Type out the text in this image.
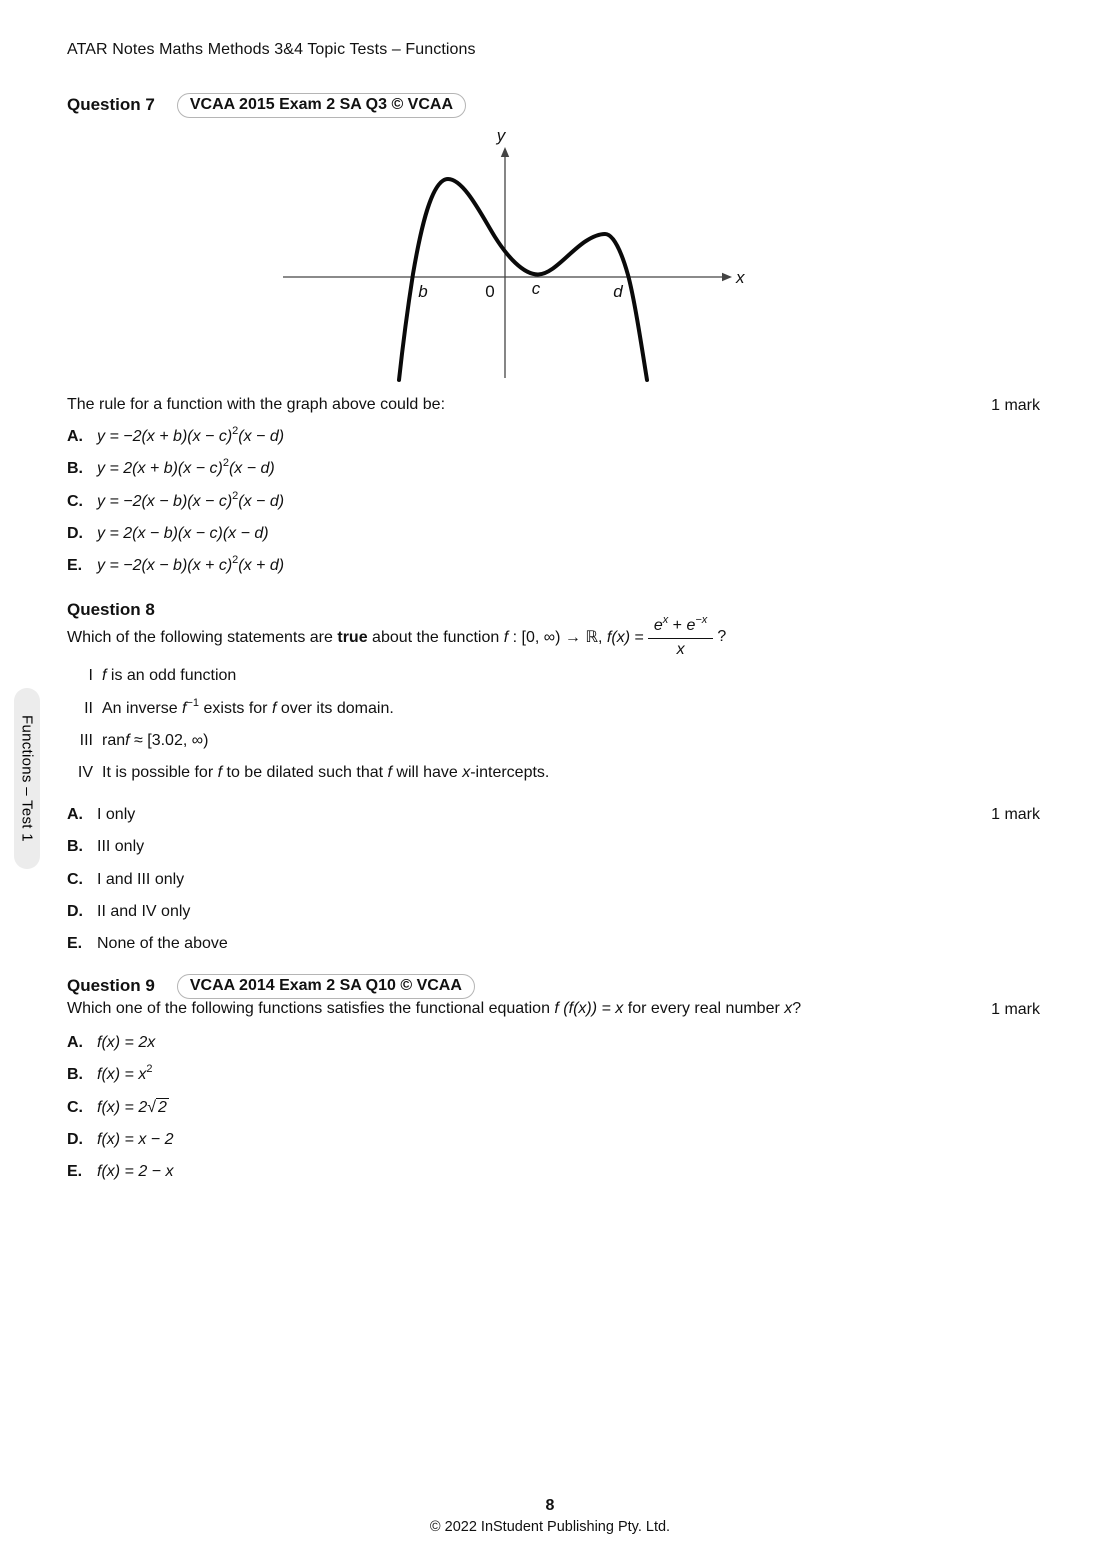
ATAR Notes Maths Methods 3&4 Topic Tests – Functions
Functions – Test 1
Question 7	VCAA 2015 Exam 2 SA Q3 © VCAA
y
x
b	0 c	d
The rule for a function with the graph above could be:	1 mark
A. $y = -2(x + b)(x - c)^2(x - d)$
B. $y = 2(x + b)(x - c)^2(x - d)$
C. $y = -2(x - b)(x - c)^2(x - d)$
D. y = 2(x − b)(x − c)(x − d)
E. $y = -2(x - b)(x + c)^2(x + d)$
Question 8
Which of the following statements are true about the function f : [0, ∞) → ℝ, $f(x) = \frac{e^x + e^{-x}}{x}$ ?
I f is an odd function
II An inverse $f^{-1}$ exists for f over its domain.
III ranf ≈ [3.02, ∞)
IV It is possible for f to be dilated such that f will have x-intercepts.
1 mark
A. I only
B. III only
C. I and III only
D. II and IV only
E. None of the above
Question 9	VCAA 2014 Exam 2 SA Q10 © VCAA
Which one of the following functions satisfies the functional equation f (f(x)) = x for every real number x?	1 mark
A. f(x) = 2x
B. $f(x) = x^2$
C. f(x) = 2 √ 2
D. f(x) = x − 2
E. f(x) = 2 − x
8
© 2022 InStudent Publishing Pty. Ltd.
